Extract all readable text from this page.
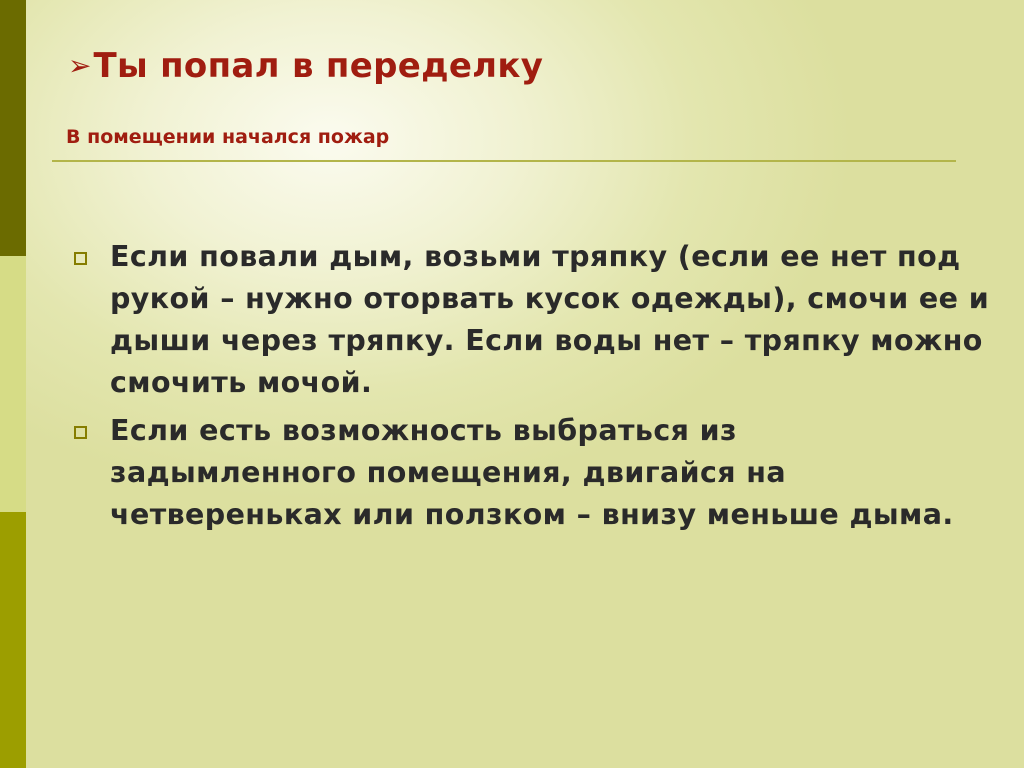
➢ Ты попал в переделку
В помещении начался пожар
Если повали дым, возьми тряпку (если ее нет под рукой – нужно оторвать кусок одежды), смочи ее и дыши через тряпку. Если воды нет – тряпку можно смочить мочой.
Если есть возможность выбраться из задымленного помещения, двигайся на четвереньках или ползком – внизу меньше дыма.
